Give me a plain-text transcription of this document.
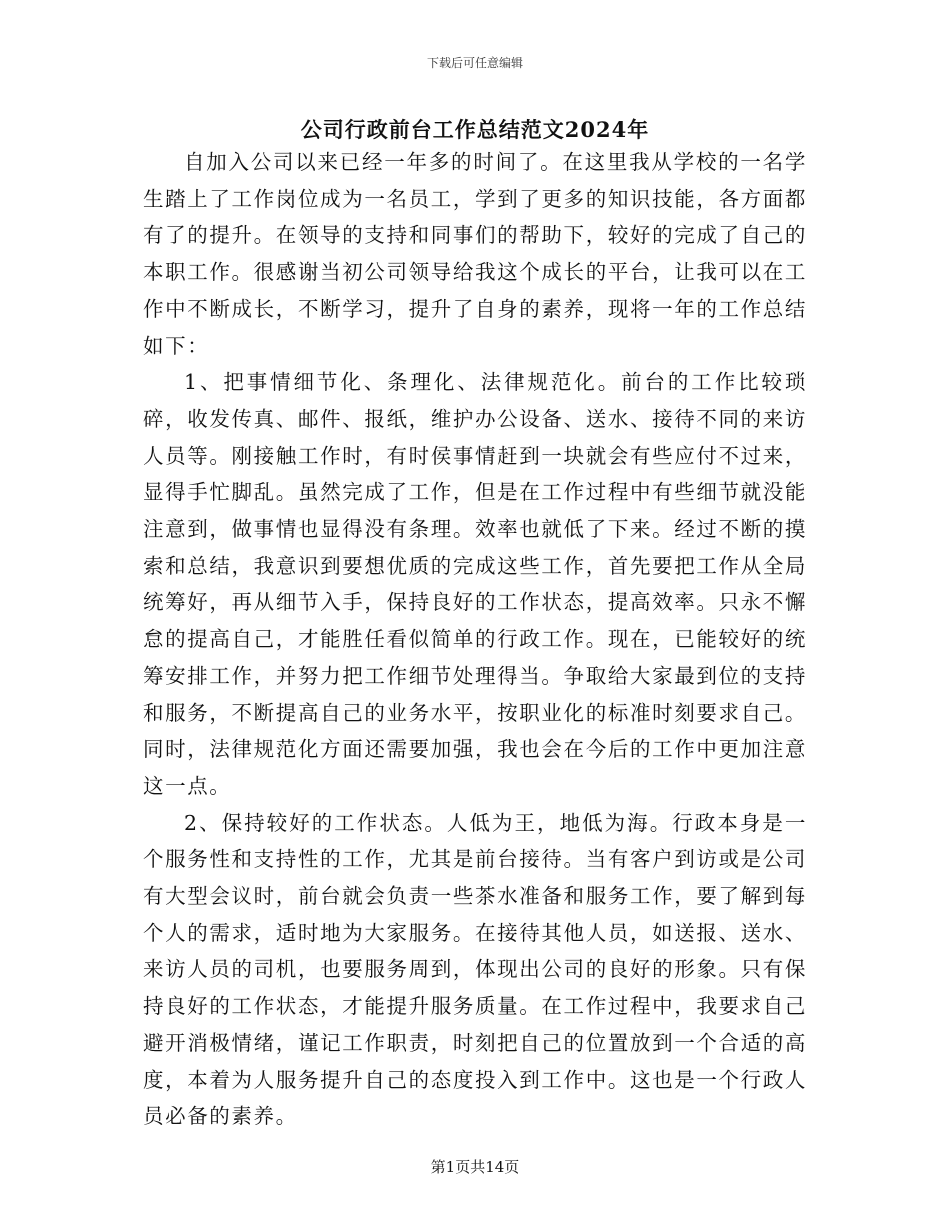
下载后可任意编辑
公司行政前台工作总结范文2024年

自加入公司以来已经一年多的时间了。在这里我从学校的一名学生踏上了工作岗位成为一名员工，学到了更多的知识技能，各方面都有了的提升。在领导的支持和同事们的帮助下，较好的完成了自己的本职工作。很感谢当初公司领导给我这个成长的平台，让我可以在工作中不断成长，不断学习，提升了自身的素养，现将一年的工作总结如下：

1、把事情细节化、条理化、法律规范化。前台的工作比较琐碎，收发传真、邮件、报纸，维护办公设备、送水、接待不同的来访人员等。刚接触工作时，有时侯事情赶到一块就会有些应付不过来，显得手忙脚乱。虽然完成了工作，但是在工作过程中有些细节就没能注意到，做事情也显得没有条理。效率也就低了下来。经过不断的摸索和总结，我意识到要想优质的完成这些工作，首先要把工作从全局统筹好，再从细节入手，保持良好的工作状态，提高效率。只永不懈怠的提高自己，才能胜任看似简单的行政工作。现在，已能较好的统筹安排工作，并努力把工作细节处理得当。争取给大家最到位的支持和服务，不断提高自己的业务水平，按职业化的标准时刻要求自己。同时，法律规范化方面还需要加强，我也会在今后的工作中更加注意这一点。

2、保持较好的工作状态。人低为王，地低为海。行政本身是一个服务性和支持性的工作，尤其是前台接待。当有客户到访或是公司有大型会议时，前台就会负责一些茶水准备和服务工作，要了解到每个人的需求，适时地为大家服务。在接待其他人员，如送报、送水、来访人员的司机，也要服务周到，体现出公司的良好的形象。只有保持良好的工作状态，才能提升服务质量。在工作过程中，我要求自己避开消极情绪，谨记工作职责，时刻把自己的位置放到一个合适的高度，本着为人服务提升自己的态度投入到工作中。这也是一个行政人员必备的素养。

第1页共14页
